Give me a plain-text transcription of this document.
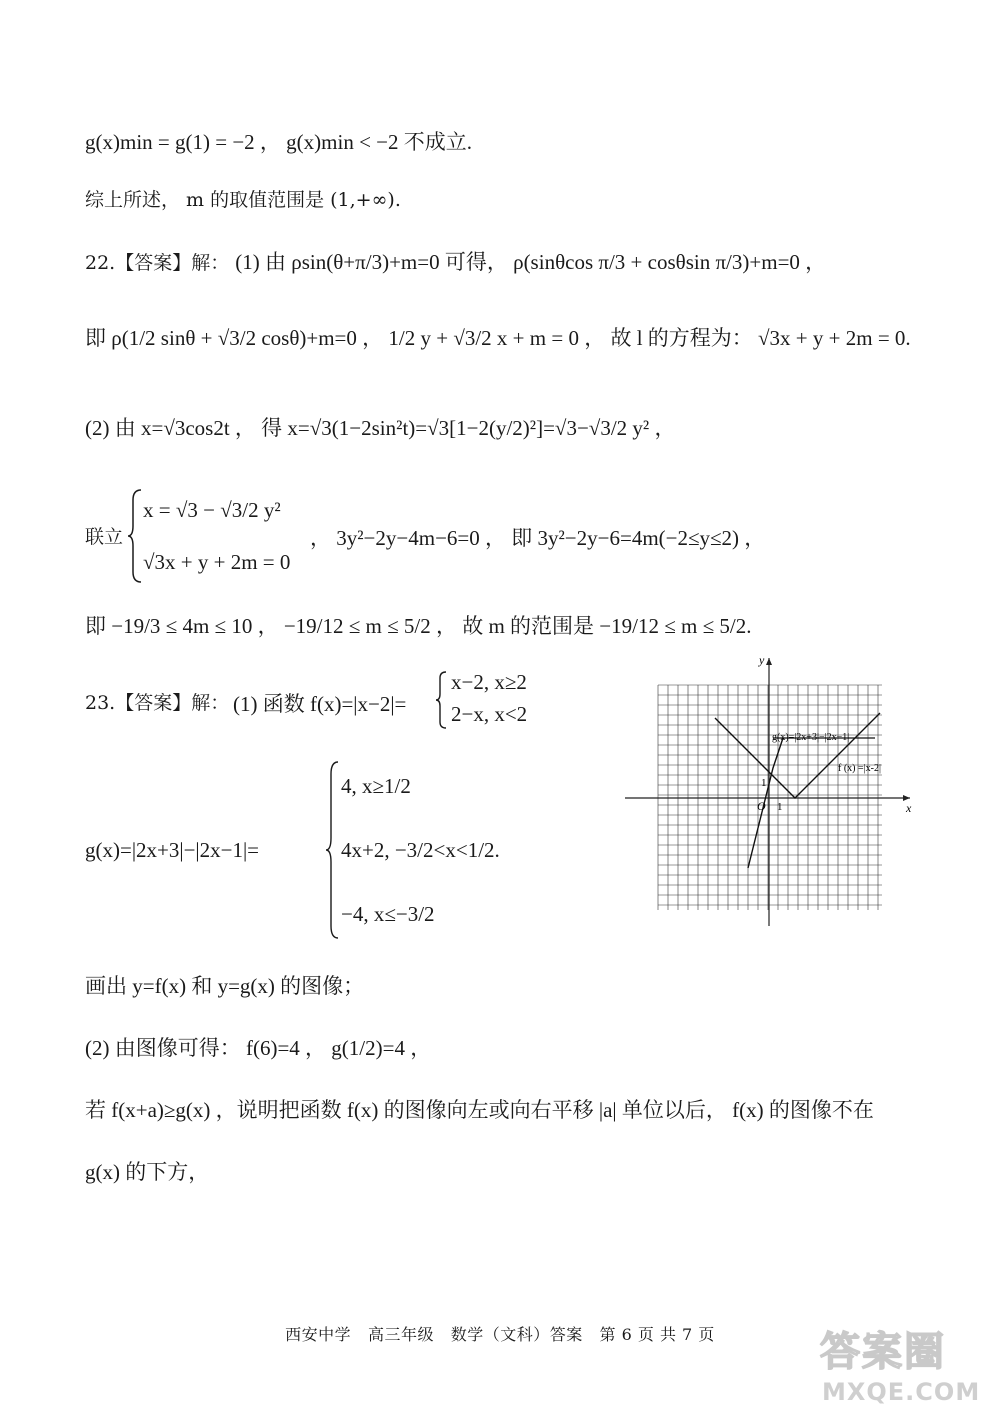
g(x)min = g(1) = −2 ， g(x)min < −2 不成立.
综上所述， m 的取值范围是 (1,+∞).
22.【答案】解： (1) 由 ρsin(θ+π/3)+m=0 可得， ρ(sinθcos π/3 + cosθsin π/3)+m=0 ，
即 ρ(1/2 sinθ + √3/2 cosθ)+m=0 ， 1/2 y + √3/2 x + m = 0 ， 故 l 的方程为： √3x + y + 2m = 0.
(2) 由 x=√3cos2t ， 得 x=√3(1−2sin²t)=√3[1−2(y/2)²]=√3−√3/2 y² ，
联立
x = √3 − √3/2 y²
√3x + y + 2m = 0
， 3y²−2y−4m−6=0 ， 即 3y²−2y−6=4m(−2≤y≤2) ，
即 −19/3 ≤ 4m ≤ 10 ， −19/12 ≤ m ≤ 5/2 ， 故 m 的范围是 −19/12 ≤ m ≤ 5/2.
23.【答案】解： (1) 函数 f(x)=|x−2|=
x−2, x≥2
2−x, x<2
g(x)=|2x+3|−|2x−1|=
4, x≥1/2
4x+2, −3/2<x<1/2.
−4, x≤−3/2
x
y
O 1
1
g(x)=|2x+3|−|2x−1|
f (x) =|x-2|
画出 y=f(x) 和 y=g(x) 的图像；
(2) 由图像可得： f(6)=4 ， g(1/2)=4 ，
若 f(x+a)≥g(x) ，说明把函数 f(x) 的图像向左或向右平移 |a| 单位以后， f(x) 的图像不在
g(x) 的下方，
西安中学 高三年级 数学（文科）答案 第 6 页 共 7 页	答案圈
MXQE.COM
